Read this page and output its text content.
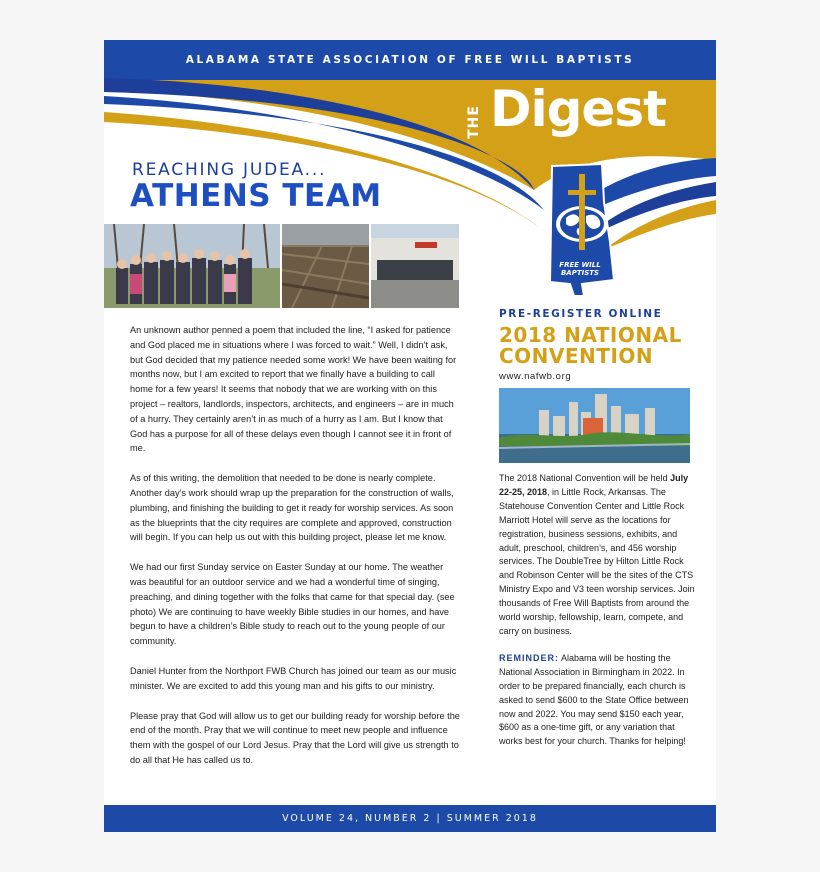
ALABAMA STATE ASSOCIATION OF FREE WILL BAPTISTS
THE Digest
FREE WILL BAPTISTS
REACHING JUDEA...
ATHENS TEAM

An unknown author penned a poem that included the line, “I asked for patience and God placed me in situations where I was forced to wait.” Well, I didn’t ask, but God decided that my patience needed some work! We have been waiting for months now, but I am excited to report that we finally have a building to call home for a few years! It seems that nobody that we are working with on this project – realtors, landlords, inspectors, architects, and engineers – are in much of a hurry. They certainly aren’t in as much of a hurry as I am. But I know that God has a purpose for all of these delays even though I cannot see it in front of me.

As of this writing, the demolition that needed to be done is nearly complete. Another day’s work should wrap up the preparation for the construction of walls, plumbing, and finishing the building to get it ready for worship services. As soon as the blueprints that the city requires are complete and approved, construction will begin. If you can help us out with this building project, please let me know.

We had our first Sunday service on Easter Sunday at our home. The weather was beautiful for an outdoor service and we had a wonderful time of singing, preaching, and dining together with the folks that came for that special day. (see photo) We are continuing to have weekly Bible studies in our homes, and have begun to have a children’s Bible study to reach out to the young people of our community.

Daniel Hunter from the Northport FWB Church has joined our team as our music minister. We are excited to add this young man and his gifts to our ministry.

Please pray that God will allow us to get our building ready for worship before the end of the month. Pray that we will continue to meet new people and influence them with the gospel of our Lord Jesus. Pray that the Lord will give us strength to do all that He has called us to.

PRE-REGISTER ONLINE
2018 NATIONAL
CONVENTION
www.nafwb.org
The 2018 National Convention will be held July 22-25, 2018, in Little Rock, Arkansas. The Statehouse Convention Center and Little Rock Marriott Hotel will serve as the locations for registration, business sessions, exhibits, and adult, preschool, children’s, and 456 worship services. The DoubleTree by Hilton Little Rock and Robinson Center will be the sites of the CTS Ministry Expo and V3 teen worship services. Join thousands of Free Will Baptists from around the world worship, fellowship, learn, compete, and carry on business.
REMINDER: Alabama will be hosting the National Association in Birmingham in 2022. In order to be prepared financially, each church is asked to send $600 to the State Office between now and 2022. You may send $150 each year, $600 as a one-time gift, or any variation that works best for your church. Thanks for helping!
VOLUME 24, NUMBER 2 | SUMMER 2018
